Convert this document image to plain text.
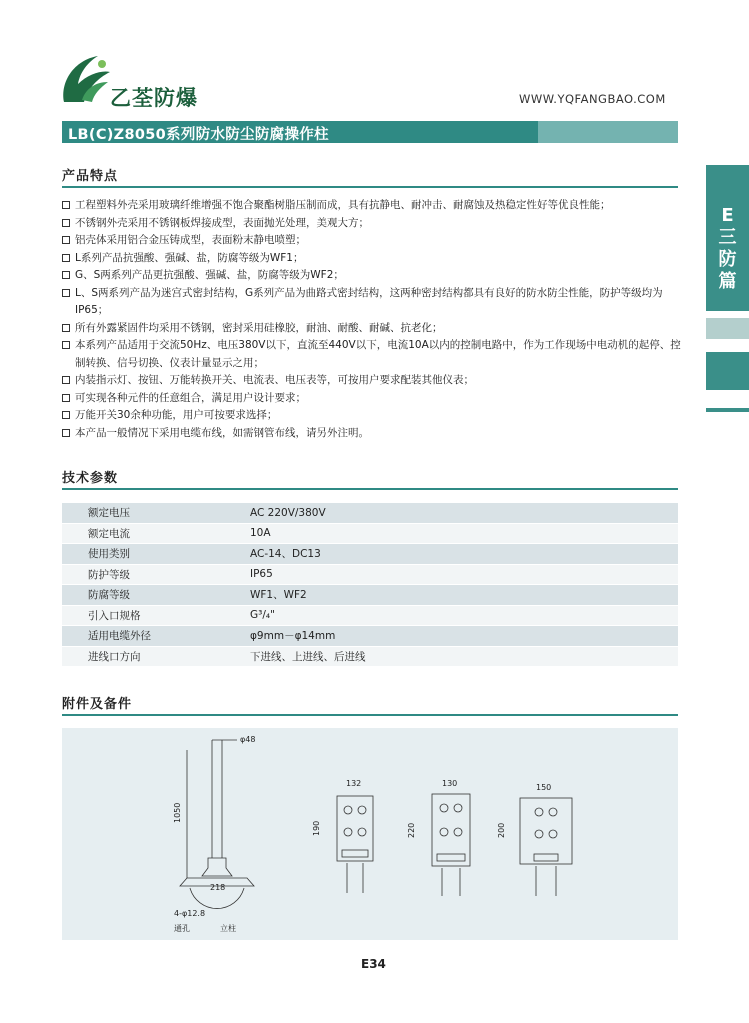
乙荃防爆	WWW.YQFANGBAO.COM
LB(C)Z8050系列防水防尘防腐操作柱
E三防篇
产品特点
工程塑料外壳采用玻璃纤维增强不饱合聚酯树脂压制而成，具有抗静电、耐冲击、耐腐蚀及热稳定性好等优良性能；
不锈钢外壳采用不锈钢板焊接成型，表面抛光处理，美观大方；
铝壳体采用铝合金压铸成型，表面粉末静电喷塑；
L系列产品抗强酸、强碱、盐，防腐等级为WF1；
G、S两系列产品更抗强酸、强碱、盐，防腐等级为WF2；
L、S两系列产品为迷宫式密封结构，G系列产品为曲路式密封结构，这两种密封结构都具有良好的防水防尘性能，防护等级均为IP65；
所有外露紧固件均采用不锈钢，密封采用硅橡胶，耐油、耐酸、耐碱、抗老化；
本系列产品适用于交流50Hz、电压380V以下，直流至440V以下，电流10A以内的控制电路中，作为工作现场中电动机的起停、控制转换、信号切换、仪表计量显示之用；
内装指示灯、按钮、万能转换开关、电流表、电压表等，可按用户要求配装其他仪表；
可实现各种元件的任意组合，满足用户设计要求；
万能开关30余种功能，用户可按要求选择；
本产品一般情况下采用电缆布线，如需钢管布线，请另外注明。
技术参数
额定电压	AC 220V/380V
额定电流	10A
使用类别	AC-14、DC13
防护等级	IP65
防腐等级	WF1、WF2
引入口规格	G³/₄"
适用电缆外径	φ9mm－φ14mm
进线口方向	下进线、上进线、后进线
附件及备件
φ48
1050
218
4-φ12.8
通孔	立柱
132
190
130
220
150
200
E34
